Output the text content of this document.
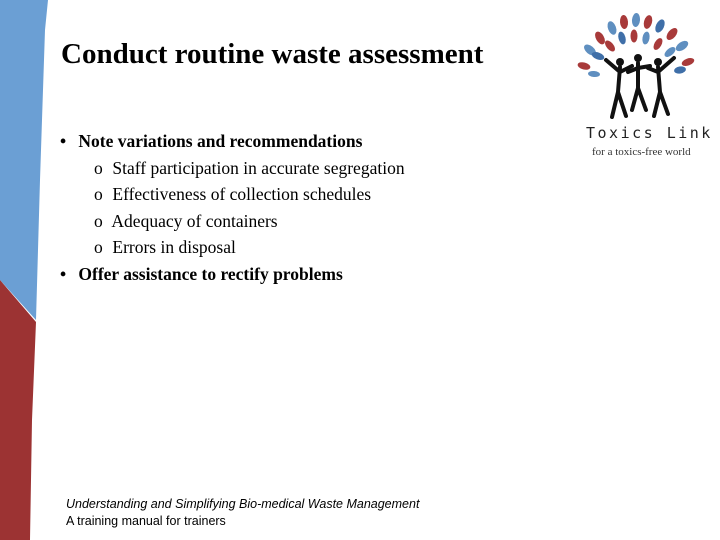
Conduct routine waste assessment
• Note variations and recommendations
o Staff participation in accurate segregation
o Effectiveness of collection schedules
o Adequacy of containers
o Errors in disposal
• Offer assistance to rectify problems
Toxics Link
for a toxics-free world
Understanding and Simplifying Bio-medical Waste Management
A training manual for trainers
